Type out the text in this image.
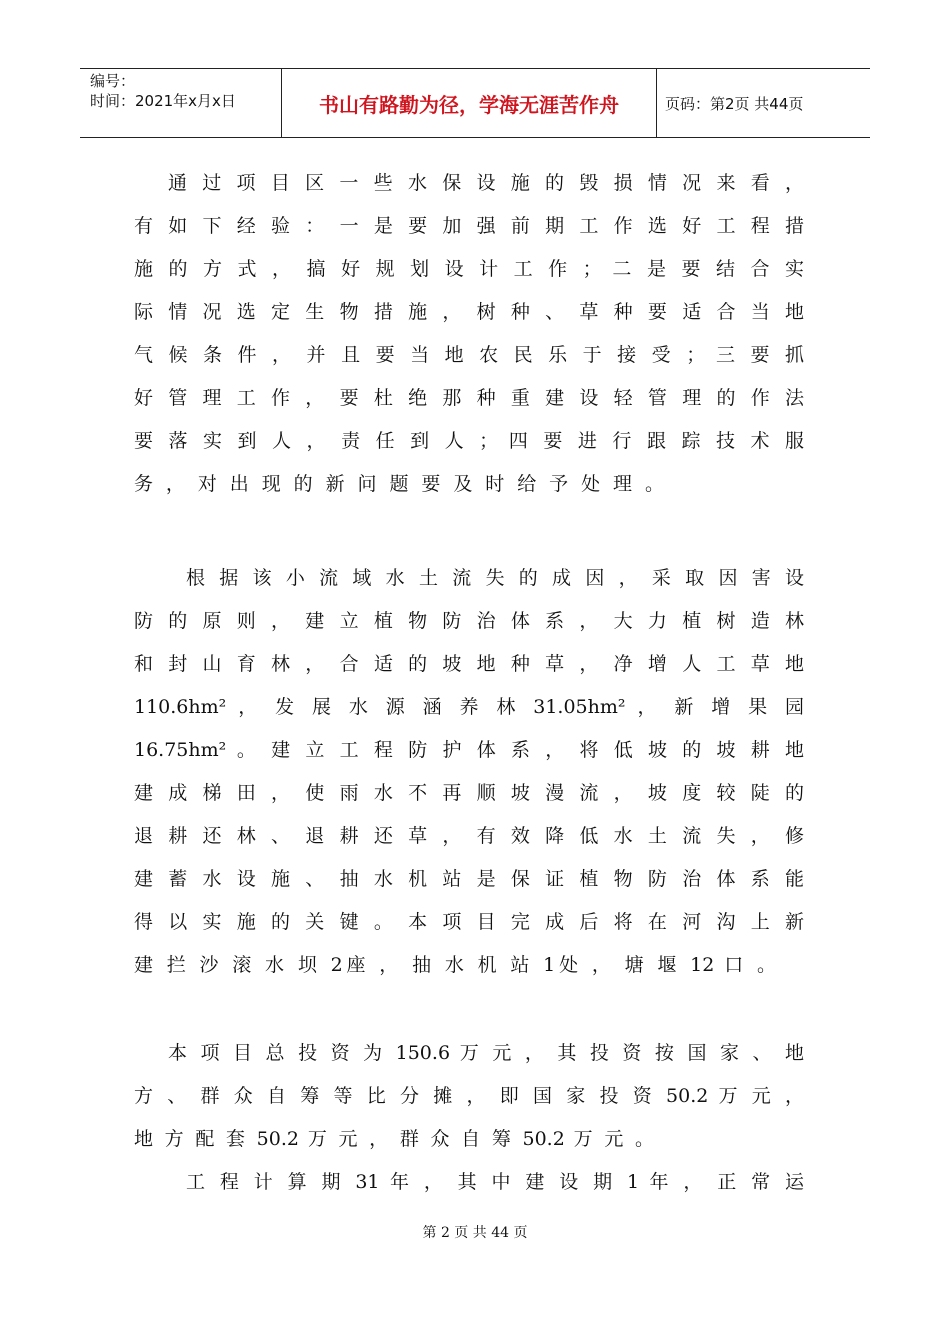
编号：
时间：2021年x月x日	书山有路勤为径，学海无涯苦作舟	页码：第2页 共44页
通 过 项 目 区 一 些 水 保 设 施 的 毁 损 情 况 来 看 ，
有 如 下 经 验 ： 一 是 要 加 强 前 期 工 作 选 好 工 程 措
施 的 方 式 ， 搞 好 规 划 设 计 工 作 ； 二 是 要 结 合 实
际 情 况 选 定 生 物 措 施 ， 树 种 、 草 种 要 适 合 当 地
气 候 条 件 ， 并 且 要 当 地 农 民 乐 于 接 受 ； 三 要 抓
好 管 理 工 作 ， 要 杜 绝 那 种 重 建 设 轻 管 理 的 作 法
要 落 实 到 人 ， 责 任 到 人 ； 四 要 进 行 跟 踪 技 术 服
务 ， 对 出 现 的 新 问 题 要 及 时 给 予 处 理 。
根 据 该 小 流 域 水 土 流 失 的 成 因 ， 采 取 因 害 设
防 的 原 则 ， 建 立 植 物 防 治 体 系 ， 大 力 植 树 造 林
和 封 山 育 林 ， 合 适 的 坡 地 种 草 ， 净 增 人 工 草 地
110.6hm² ， 发 展 水 源 涵 养 林 31.05hm² ， 新 增 果 园
16.75hm² 。 建 立 工 程 防 护 体 系 ， 将 低 坡 的 坡 耕 地
建 成 梯 田 ， 使 雨 水 不 再 顺 坡 漫 流 ， 坡 度 较 陡 的
退 耕 还 林 、 退 耕 还 草 ， 有 效 降 低 水 土 流 失 ， 修
建 蓄 水 设 施 、 抽 水 机 站 是 保 证 植 物 防 治 体 系 能
得 以 实 施 的 关 键 。 本 项 目 完 成 后 将 在 河 沟 上 新
建 拦 沙 滚 水 坝 2座 ， 抽 水 机 站 1处 ， 塘 堰 12 口 。
本 项 目 总 投 资 为 150.6 万 元 ， 其 投 资 按 国 家 、 地
方 、 群 众 自 筹 等 比 分 摊 ， 即 国 家 投 资 50.2 万 元 ，
地 方 配 套 50.2 万 元 ， 群 众 自 筹 50.2 万 元 。
工 程 计 算 期 31 年 ， 其 中 建 设 期 1 年 ， 正 常 运
第 2 页 共 44 页
